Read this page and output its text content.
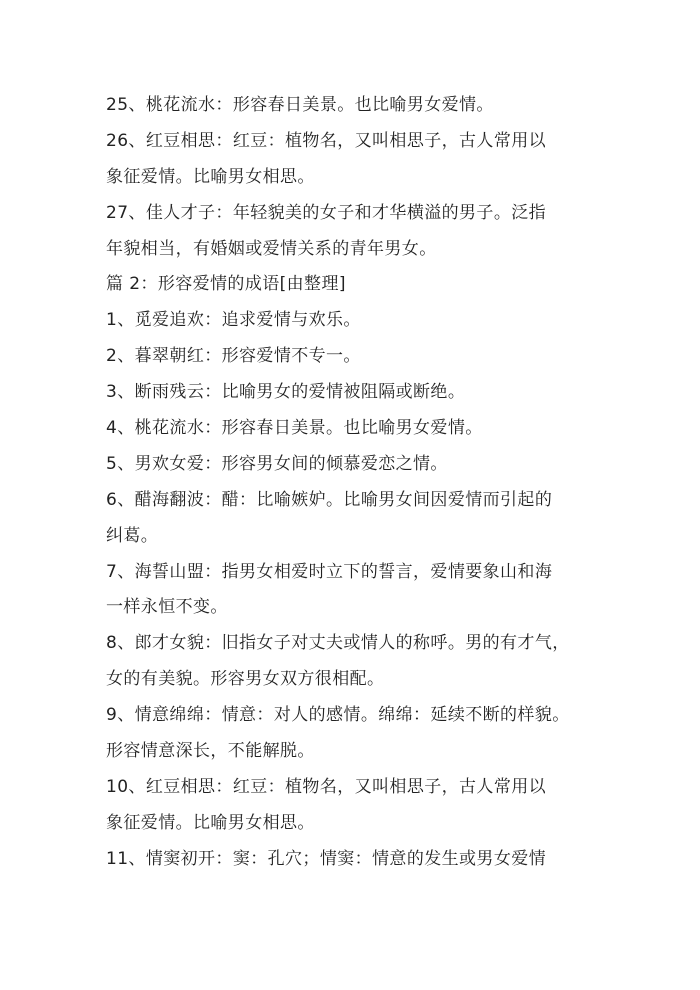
25、桃花流水：形容春日美景。也比喻男女爱情。
26、红豆相思：红豆：植物名，又叫相思子，古人常用以
象征爱情。比喻男女相思。
27、佳人才子：年轻貌美的女子和才华横溢的男子。泛指
年貌相当，有婚姻或爱情关系的青年男女。
篇 2：形容爱情的成语[由整理]
1、觅爱追欢：追求爱情与欢乐。
2、暮翠朝红：形容爱情不专一。
3、断雨残云：比喻男女的爱情被阻隔或断绝。
4、桃花流水：形容春日美景。也比喻男女爱情。
5、男欢女爱：形容男女间的倾慕爱恋之情。
6、醋海翻波：醋：比喻嫉妒。比喻男女间因爱情而引起的
纠葛。
7、海誓山盟：指男女相爱时立下的誓言，爱情要象山和海
一样永恒不变。
8、郎才女貌：旧指女子对丈夫或情人的称呼。男的有才气，
女的有美貌。形容男女双方很相配。
9、情意绵绵：情意：对人的感情。绵绵：延续不断的样貌。
形容情意深长，不能解脱。
10、红豆相思：红豆：植物名，又叫相思子，古人常用以
象征爱情。比喻男女相思。
11、情窦初开：窦：孔穴；情窦：情意的发生或男女爱情
